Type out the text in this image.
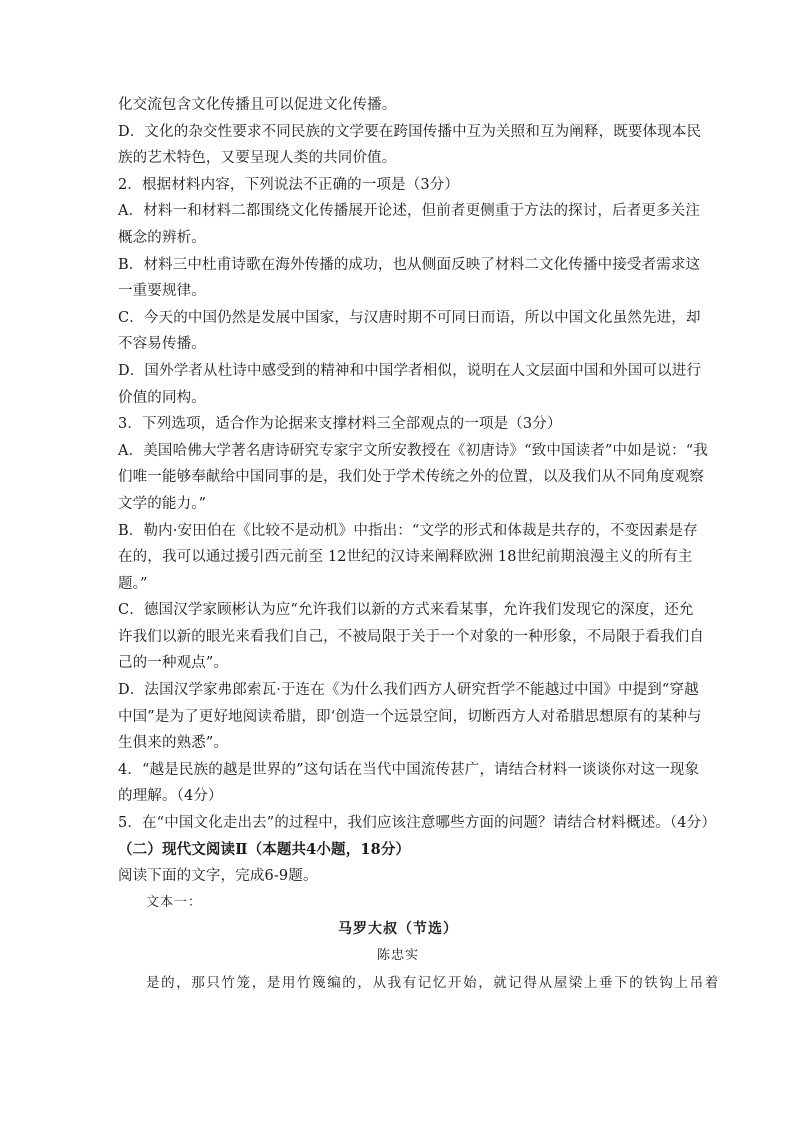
化交流包含文化传播且可以促进文化传播。
D．文化的杂交性要求不同民族的文学要在跨国传播中互为关照和互为阐释，既要体现本民
族的艺术特色，又要呈现人类的共同价值。
2．根据材料内容，下列说法不正确的一项是（3分）
A．材料一和材料二都围绕文化传播展开论述，但前者更侧重于方法的探讨，后者更多关注
概念的辨析。
B．材料三中杜甫诗歌在海外传播的成功，也从侧面反映了材料二文化传播中接受者需求这
一重要规律。
C．今天的中国仍然是发展中国家，与汉唐时期不可同日而语，所以中国文化虽然先进，却
不容易传播。
D．国外学者从杜诗中感受到的精神和中国学者相似，说明在人文层面中国和外国可以进行
价值的同构。
3．下列选项，适合作为论据来支撑材料三全部观点的一项是（3分）
A．美国哈佛大学著名唐诗研究专家宇文所安教授在《初唐诗》“致中国读者”中如是说：“我
们唯一能够奉献给中国同事的是，我们处于学术传统之外的位置，以及我们从不同角度观察
文学的能力。”
B．勒内·安田伯在《比较不是动机》中指出：“文学的形式和体裁是共存的，不变因素是存
在的，我可以通过援引西元前至 12世纪的汉诗来阐释欧洲 18世纪前期浪漫主义的所有主
题。”
C．德国汉学家顾彬认为应“允许我们以新的方式来看某事，允许我们发现它的深度，还允
许我们以新的眼光来看我们自己，不被局限于关于一个对象的一种形象，不局限于看我们自
己的一种观点”。
D．法国汉学家弗郎索瓦·于连在《为什么我们西方人研究哲学不能越过中国》中提到“穿越
中国”是为了更好地阅读希腊，即‘创造一个远景空间，切断西方人对希腊思想原有的某种与
生俱来的熟悉”。
4．“越是民族的越是世界的”这句话在当代中国流传甚广，请结合材料一谈谈你对这一现象
的理解。（4分）
5．在“中国文化走出去”的过程中，我们应该注意哪些方面的问题？请结合材料概述。（4分）
（二）现代文阅读Ⅱ（本题共4小题，18分）
阅读下面的文字，完成6-9题。
文本一：
马罗大叔（节选）
陈忠实
是的，那只竹笼，是用竹篾编的，从我有记忆开始，就记得从屋梁上垂下的铁钩上吊着
